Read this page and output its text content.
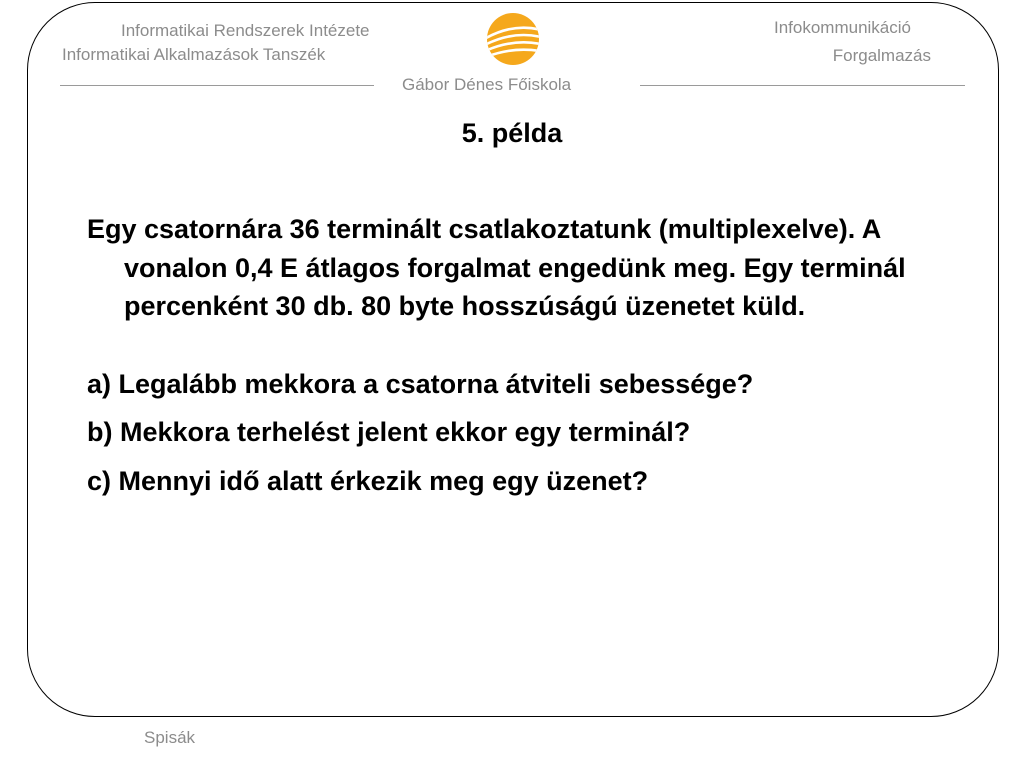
Informatikai Rendszerek Intézete
Informatikai Alkalmazások Tanszék
Infokommunikáció
Forgalmazás
Gábor Dénes Főiskola
5. példa

Egy csatornára 36 terminált csatlakoztatunk (multiplexelve). A vonalon 0,4 E átlagos forgalmat engedünk meg. Egy terminál percenként 30 db. 80 byte hosszúságú üzenetet küld.

a) Legalább mekkora a csatorna átviteli sebessége?

b) Mekkora terhelést jelent ekkor egy terminál?

c) Mennyi idő alatt érkezik meg egy üzenet?

Spisák
